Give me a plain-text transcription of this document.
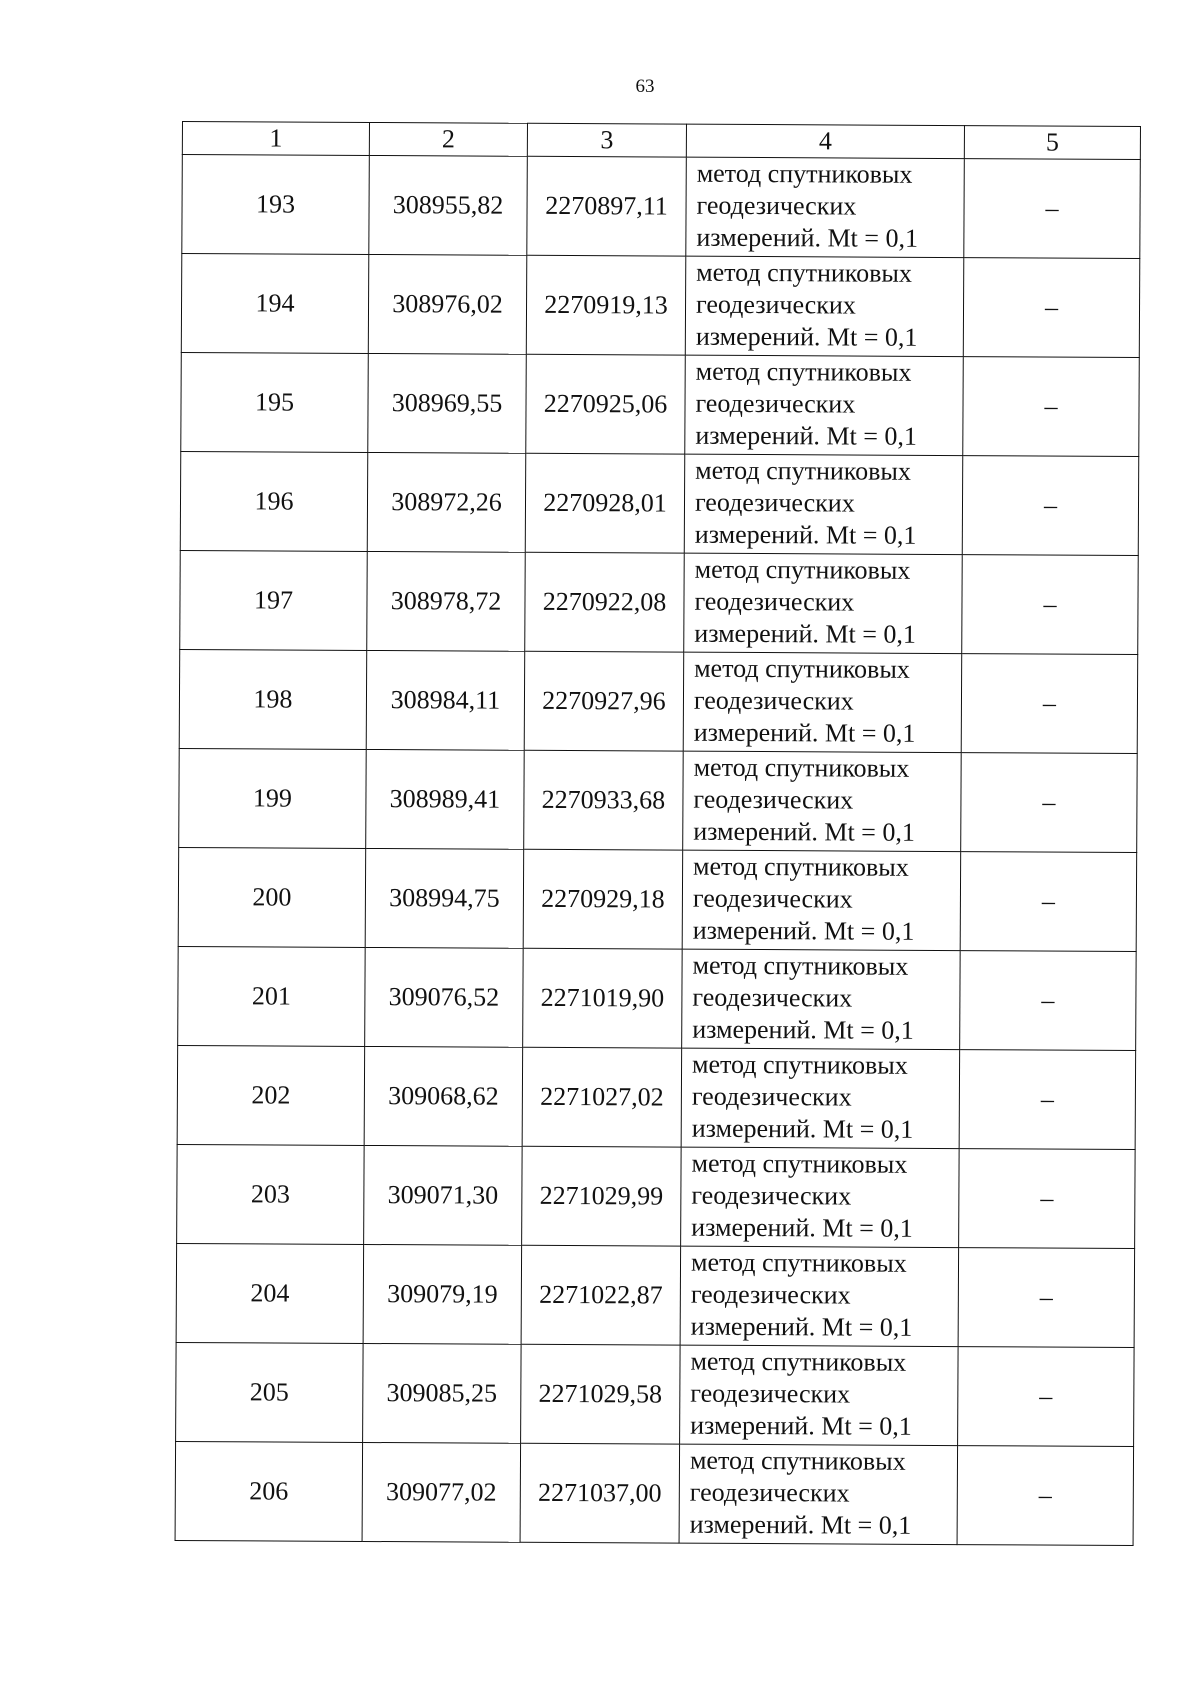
63
1	2	3	4	5
193	308955,82	2270897,11	метод спутниковых
геодезических
измерений. Mt = 0,1	–
194	308976,02	2270919,13	метод спутниковых
геодезических
измерений. Mt = 0,1	–
195	308969,55	2270925,06	метод спутниковых
геодезических
измерений. Mt = 0,1	–
196	308972,26	2270928,01	метод спутниковых
геодезических
измерений. Mt = 0,1	–
197	308978,72	2270922,08	метод спутниковых
геодезических
измерений. Mt = 0,1	–
198	308984,11	2270927,96	метод спутниковых
геодезических
измерений. Mt = 0,1	–
199	308989,41	2270933,68	метод спутниковых
геодезических
измерений. Mt = 0,1	–
200	308994,75	2270929,18	метод спутниковых
геодезических
измерений. Mt = 0,1	–
201	309076,52	2271019,90	метод спутниковых
геодезических
измерений. Mt = 0,1	–
202	309068,62	2271027,02	метод спутниковых
геодезических
измерений. Mt = 0,1	–
203	309071,30	2271029,99	метод спутниковых
геодезических
измерений. Mt = 0,1	–
204	309079,19	2271022,87	метод спутниковых
геодезических
измерений. Mt = 0,1	–
205	309085,25	2271029,58	метод спутниковых
геодезических
измерений. Mt = 0,1	–
206	309077,02	2271037,00	метод спутниковых
геодезических
измерений. Mt = 0,1	–
